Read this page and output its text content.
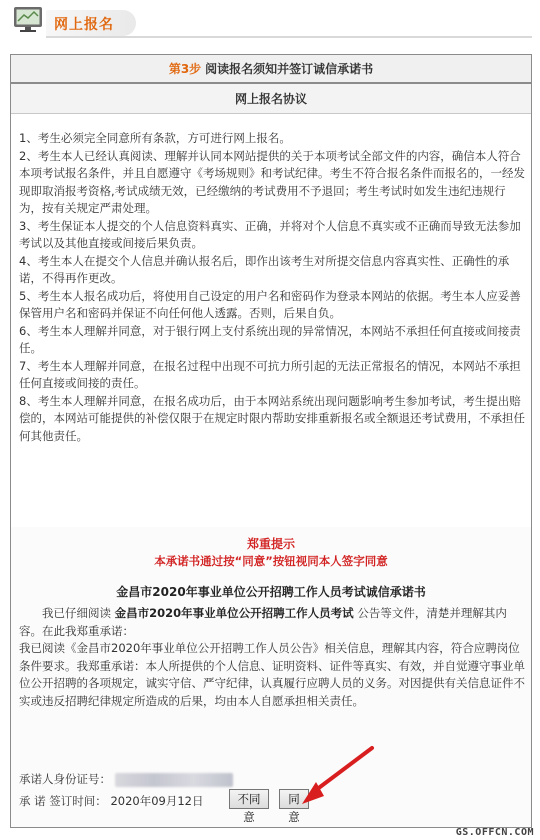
网上报名
第3步 阅读报名须知并签订诚信承诺书
网上报名协议

1、考生必须完全同意所有条款，方可进行网上报名。

2、考生本人已经认真阅读、理解并认同本网站提供的关于本项考试全部文件的内容，确信本人符合本项考试报名条件，并且自愿遵守《考场规则》和考试纪律。考生不符合报名条件而报名的，一经发现即取消报考资格,考试成绩无效，已经缴纳的考试费用不予退回；考生考试时如发生违纪违规行为，按有关规定严肃处理。

3、考生保证本人提交的个人信息资料真实、正确，并将对个人信息不真实或不正确而导致无法参加考试以及其他直接或间接后果负责。

4、考生本人在提交个人信息并确认报名后，即作出该考生对所提交信息内容真实性、正确性的承诺，不得再作更改。

5、考生本人报名成功后，将使用自己设定的用户名和密码作为登录本网站的依据。考生本人应妥善保管用户名和密码并保证不向任何他人透露。否则，后果自负。

6、考生本人理解并同意，对于银行网上支付系统出现的异常情况，本网站不承担任何直接或间接责任。

7、考生本人理解并同意，在报名过程中出现不可抗力所引起的无法正常报名的情况，本网站不承担任何直接或间接的责任。

8、考生本人理解并同意，在报名成功后，由于本网站系统出现问题影响考生参加考试，考生提出赔偿的，本网站可能提供的补偿仅限于在规定时限内帮助安排重新报名或全额退还考试费用，不承担任何其他责任。

郑重提示
本承诺书通过按“同意”按钮视同本人签字同意
金昌市2020年事业单位公开招聘工作人员考试诚信承诺书

我已仔细阅读 金昌市2020年事业单位公开招聘工作人员考试 公告等文件，清楚并理解其内容。在此我郑重承诺：

我已阅读《金昌市2020年事业单位公开招聘工作人员公告》相关信息，理解其内容，符合应聘岗位条件要求。我郑重承诺：本人所提供的个人信息、证明资料、证件等真实、有效，并自觉遵守事业单位公开招聘的各项规定，诚实守信、严守纪律，认真履行应聘人员的义务。对因提供有关信息证件不实或违反招聘纪律规定所造成的后果，均由本人自愿承担相关责任。

承诺人身份证号：
承 诺 签订时间： 2020年09月12日	不同意
同意
GS.OFFCN.COM
